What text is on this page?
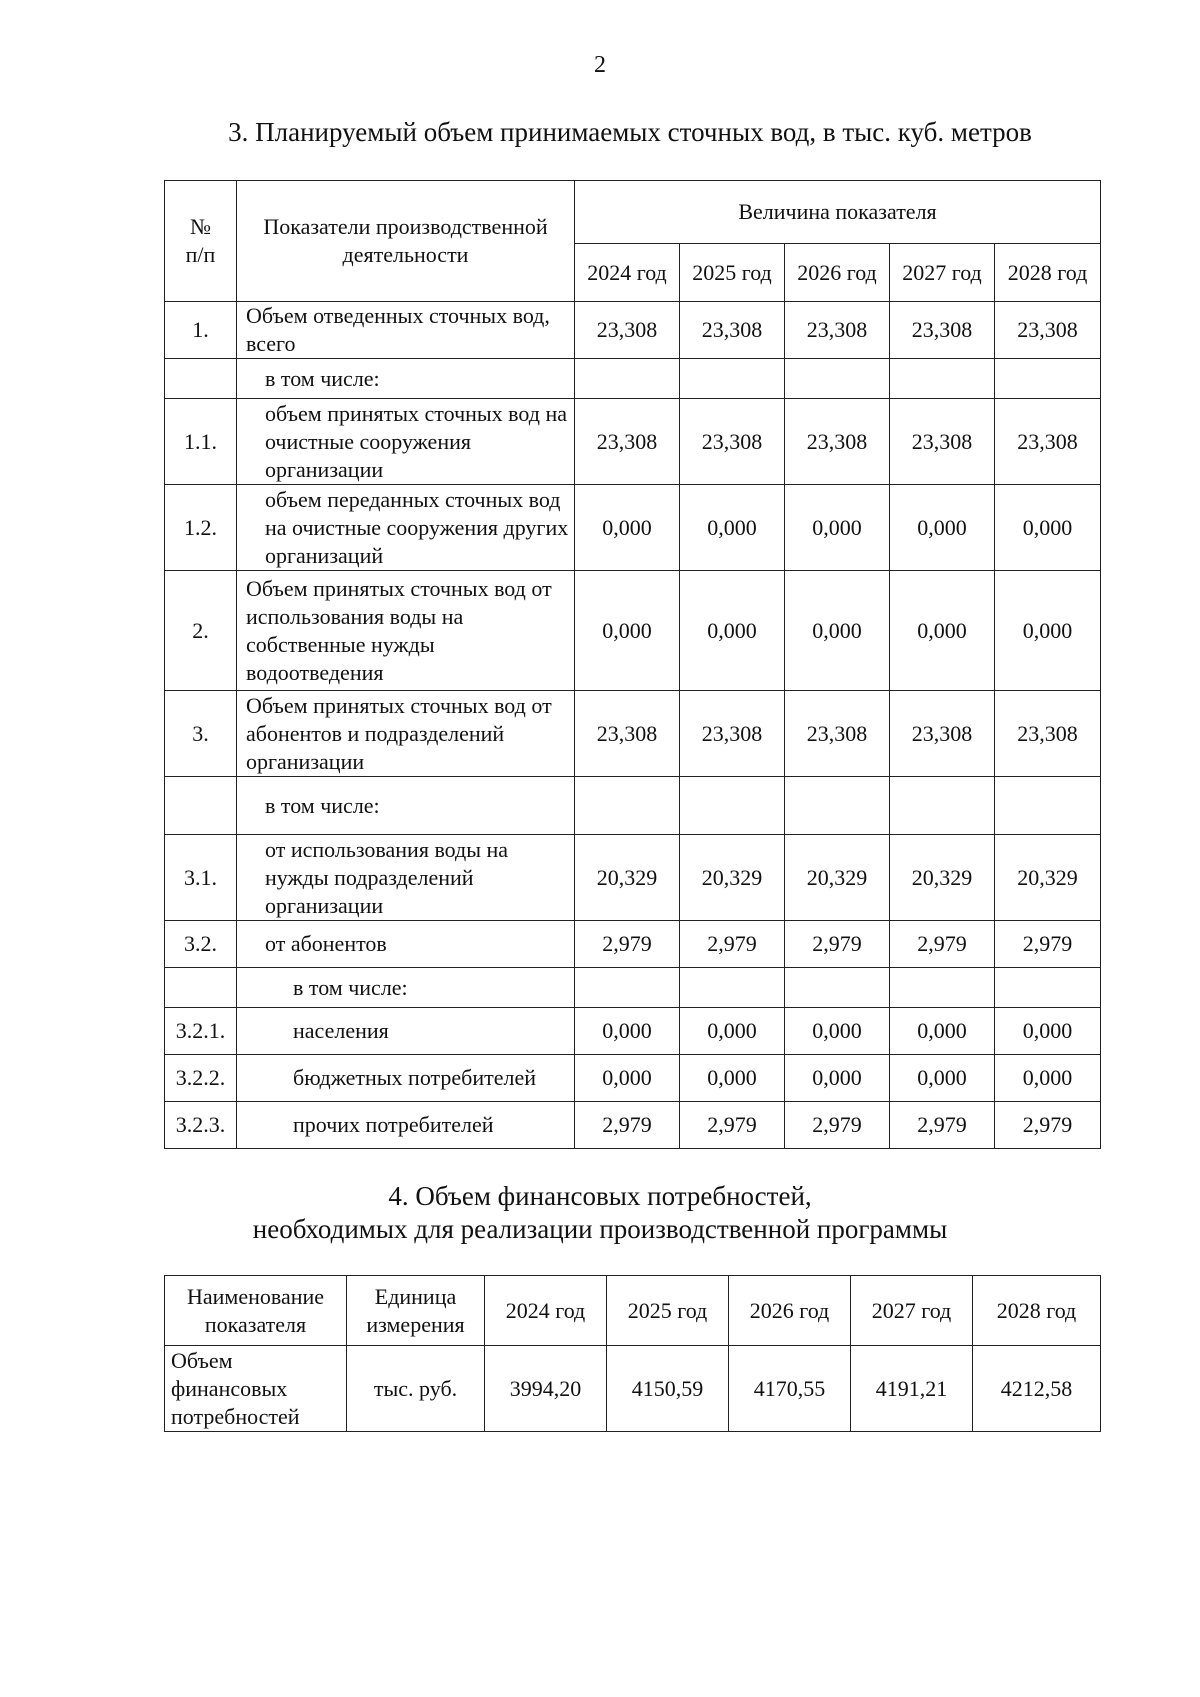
2
3. Планируемый объем принимаемых сточных вод, в тыс. куб. метров
№
п/п	Показатели производственной деятельности	Величина показателя				
		2024 год	2025 год	2026 год	2027 год	2028 год
1.	Объем отведенных сточных вод, всего	23,308	23,308	23,308	23,308	23,308
	в том числе:					
1.1.	объем принятых сточных вод на очистные сооружения организации	23,308	23,308	23,308	23,308	23,308
1.2.	объем переданных сточных вод на очистные сооружения других организаций	0,000	0,000	0,000	0,000	0,000
2.	Объем принятых сточных вод от использования воды на собственные нужды водоотведения	0,000	0,000	0,000	0,000	0,000
3.	Объем принятых сточных вод от абонентов и подразделений организации	23,308	23,308	23,308	23,308	23,308
	в том числе:					
3.1.	от использования воды на нужды подразделений организации	20,329	20,329	20,329	20,329	20,329
3.2.	от абонентов	2,979	2,979	2,979	2,979	2,979
	в том числе:					
3.2.1.	населения	0,000	0,000	0,000	0,000	0,000
3.2.2.	бюджетных потребителей	0,000	0,000	0,000	0,000	0,000
3.2.3.	прочих потребителей	2,979	2,979	2,979	2,979	2,979
4. Объем финансовых потребностей,
необходимых для реализации производственной программы
Наименование показателя	Единица измерения	2024 год	2025 год	2026 год	2027 год	2028 год
Объем финансовых потребностей	тыс. руб.	3994,20	4150,59	4170,55	4191,21	4212,58
